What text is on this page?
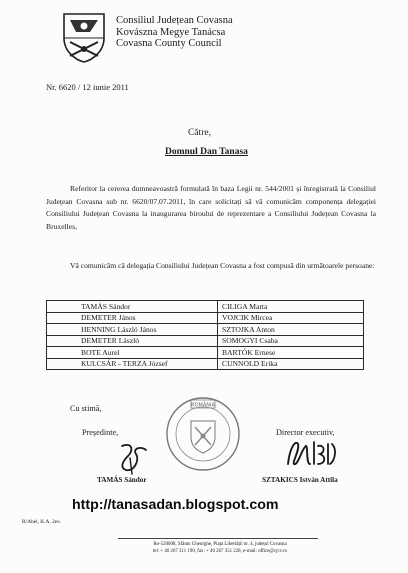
Consiliul Județean Covasna
Kovászna Megye Tanácsa
Covasna County Council
Nr. 6620 / 12 iunie 2011
Către,
Domnul Dan Tanasa
Referitor la cererea dumneavoastră formulată în baza Legii nr. 544/2001 și înregistrată la Consiliul Județean Covasna sub nr. 6620/07.07.2011, în care solicitați să vă comunicăm componența delegației Consiliului Județean Covasna la inaugurarea biroului de reprezentare a Consiliului Județean Covasna la Bruxelles,
Vă comunicăm că delegația Consiliului Județean Covasna a fost compusă din următoarele persoane:
TAMÁS Sándor	CILIGA Marta
DEMETER János	VOJCIK Mircea
HENNING László János	SZTOJKA Anton
DEMETER László	SOMOGYI Csaba
BOTE Aurel	BARTÓK Ernese
KULCSÁR - TERZA József	CUNNOLD Erika
Cu stimă,
Președinte,	Director executiv,
ROMÂNIA
TAMÁS Sándor	SZTAKICS István Attila
http://tanasadan.blogspot.com
R/Abel, K.A. 2ex.
Ro-520008, Sfântu Gheorghe, Piața Libertății nr. 4, județul Covasna
tel: + 40 267 311 190, fax: + 40 267 351 228, e-mail: office@cjcv.ro
